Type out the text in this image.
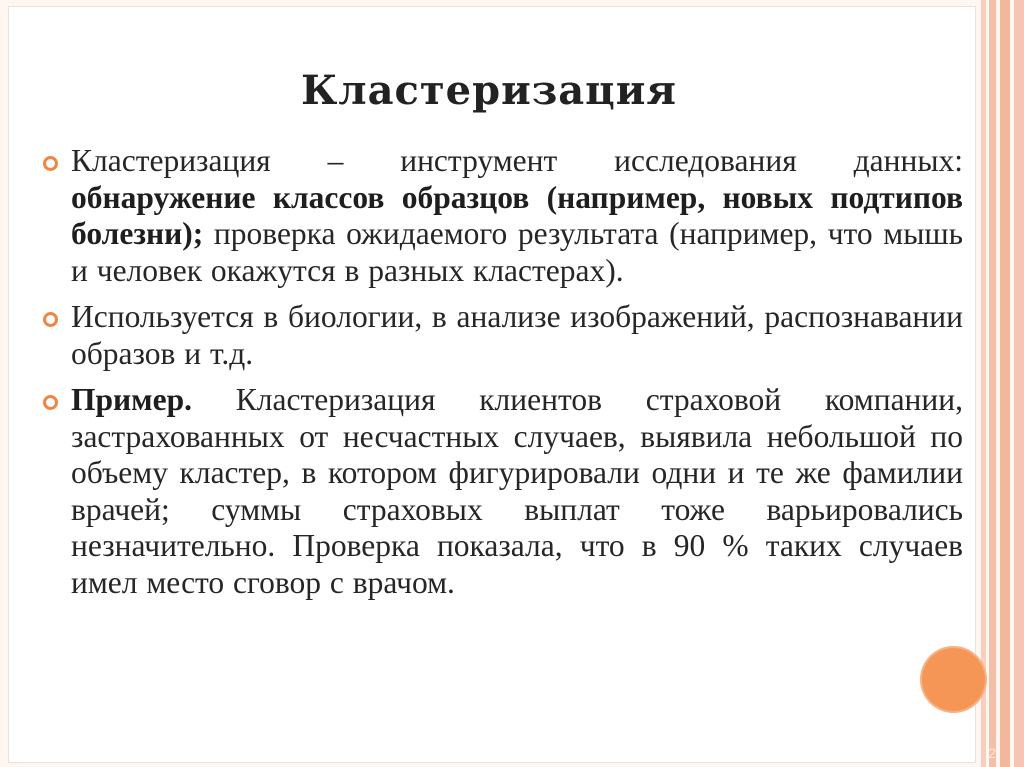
Кластеризация

Кластеризация – инструмент исследования данных: обнаружение классов образцов (например, новых подтипов болезни); проверка ожидаемого результата (например, что мышь и человек окажутся в разных кластерах).

Используется в биологии, в анализе изображений, распознавании образов и т.д.

Пример. Кластеризация клиентов страховой компании, застрахованных от несчастных случаев, выявила небольшой по объему кластер, в котором фигурировали одни и те же фамилии врачей; суммы страховых выплат тоже варьировались незначительно. Проверка показала, что в 90 % таких случаев имел место сговор с врачом.

2
